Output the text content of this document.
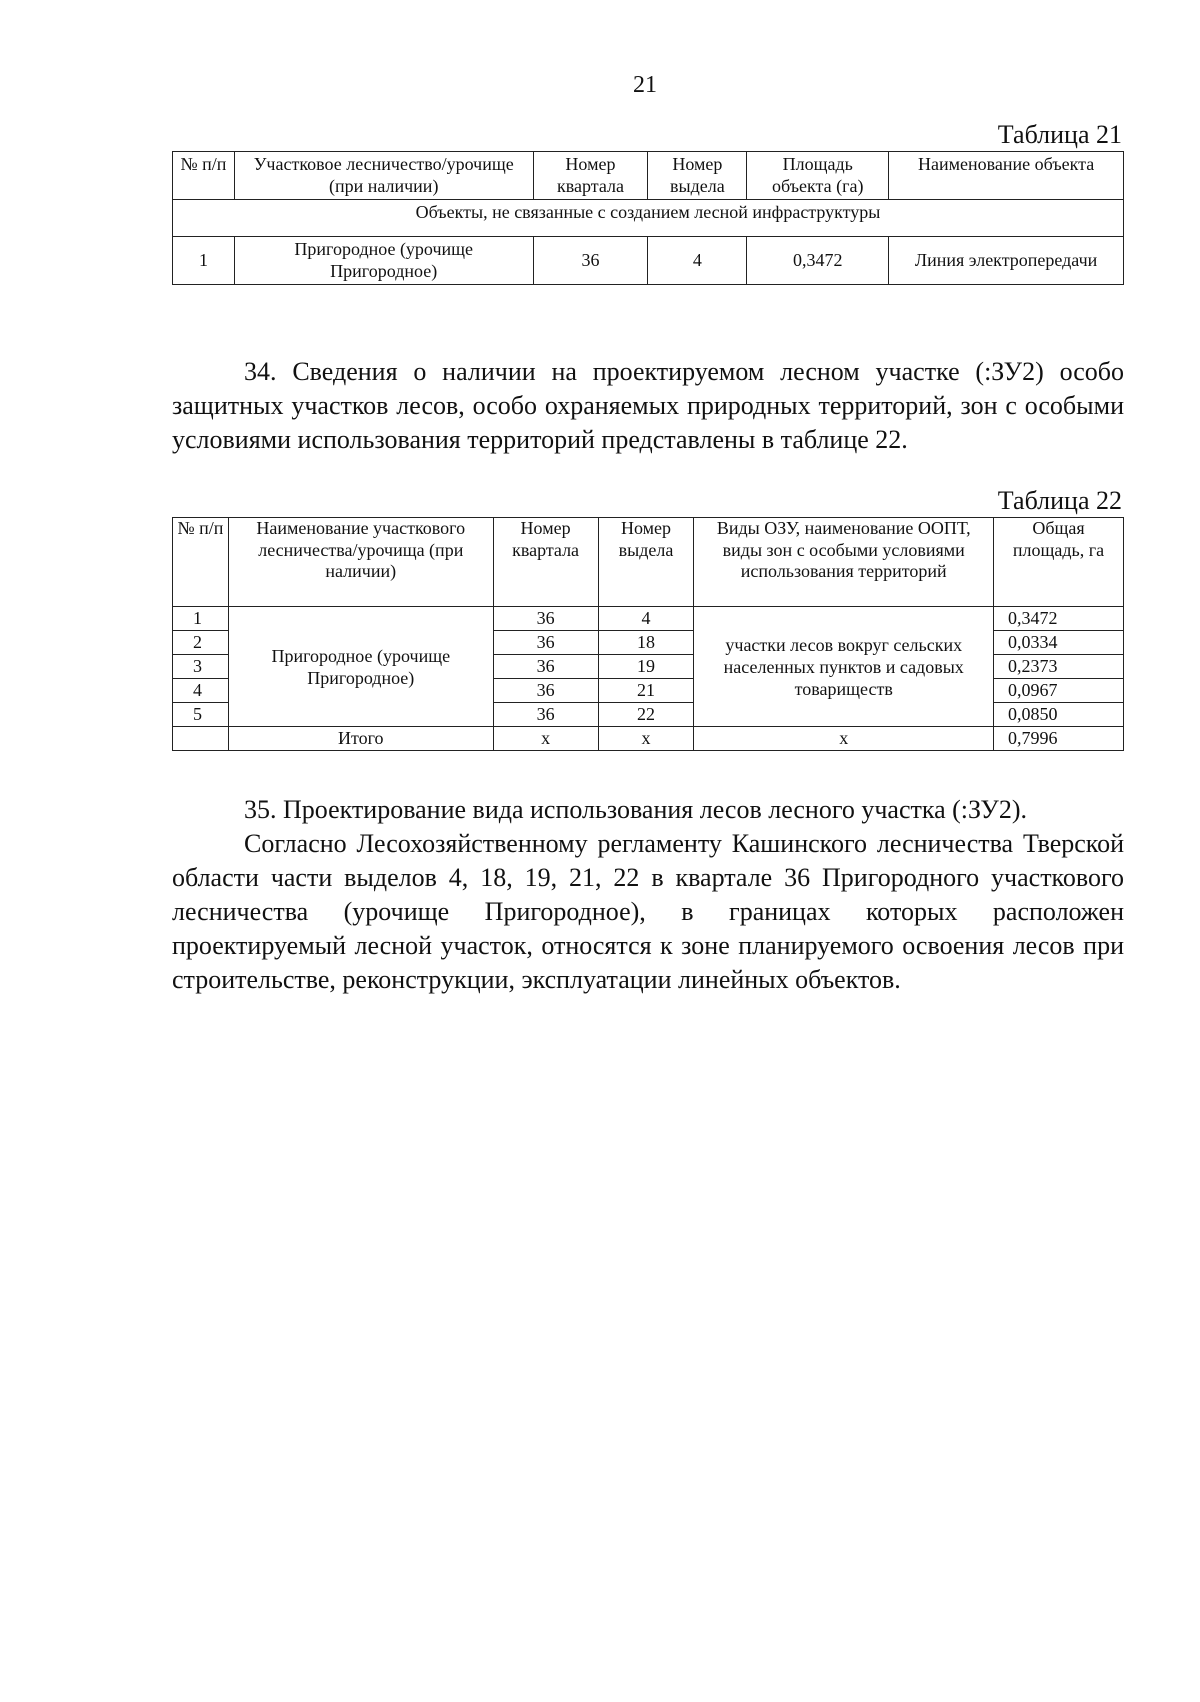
21
Таблица 21
№ п/п	Участковое лесничество/урочище (при наличии)	Номер квартала	Номер выдела	Площадь объекта (га)	Наименование объекта
Объекты, не связанные с созданием лесной инфраструктуры					
1	Пригородное (урочище Пригородное)	36	4	0,3472	Линия электропередачи

34. Сведения о наличии на проектируемом лесном участке (:ЗУ2) особо защитных участков лесов, особо охраняемых природных территорий, зон с особыми условиями использования территорий представлены в таблице 22.

Таблица 22
№ п/п	Наименование участкового лесничества/урочища (при наличии)	Номер квартала	Номер выдела	Виды ОЗУ, наименование ООПТ, виды зон с особыми условиями использования территорий	Общая площадь, га
1	Пригородное (урочище Пригородное)	36	4	участки лесов вокруг сельских населенных пунктов и садовых товариществ	0,3472
2		36	18		0,0334
3		36	19		0,2373
4		36	21		0,0967
5		36	22		0,0850
	Итого	х	х	х	0,7996

35. Проектирование вида использования лесов лесного участка (:ЗУ2).

Согласно Лесохозяйственному регламенту Кашинского лесничества Тверской области части выделов 4, 18, 19, 21, 22 в квартале 36 Пригородного участкового лесничества (урочище Пригородное), в границах которых расположен проектируемый лесной участок, относятся к зоне планируемого освоения лесов при строительстве, реконструкции, эксплуатации линейных объектов.
